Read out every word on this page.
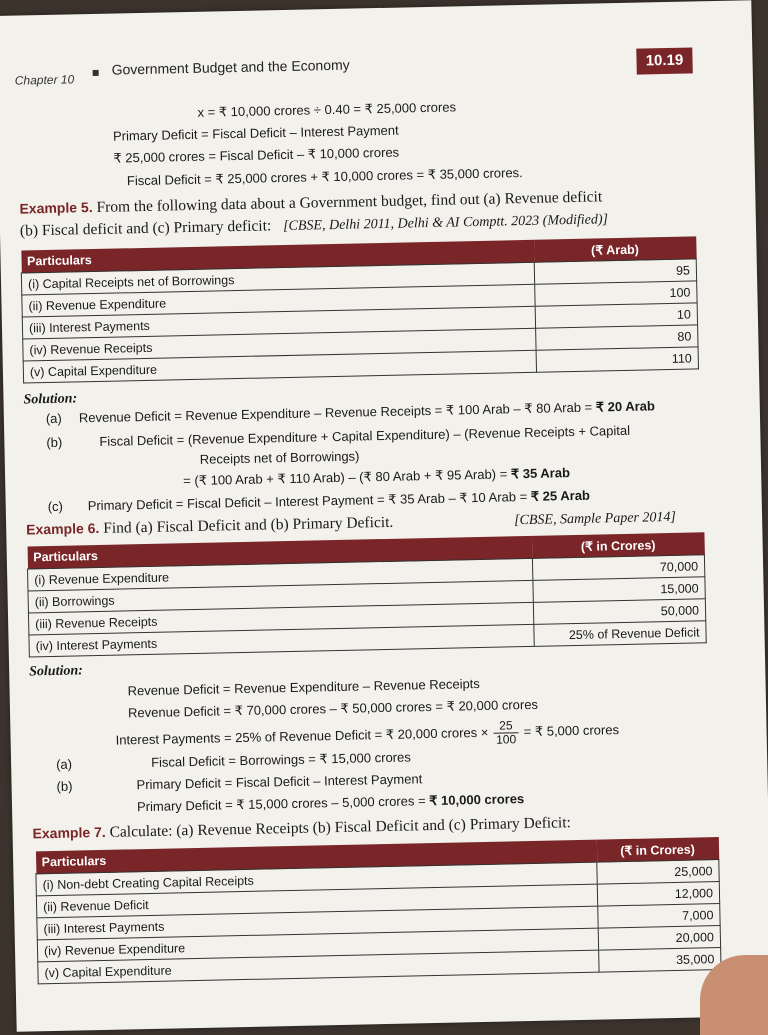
Chapter 10
Government Budget and the Economy	10.19
x = ₹ 10,000 crores ÷ 0.40 = ₹ 25,000 crores
Primary Deficit = Fiscal Deficit – Interest Payment
₹ 25,000 crores = Fiscal Deficit – ₹ 10,000 crores
Fiscal Deficit = ₹ 25,000 crores + ₹ 10,000 crores = ₹ 35,000 crores.
Example 5. From the following data about a Government budget, find out (a) Revenue deficit
(b) Fiscal deficit and (c) Primary deficit: [CBSE, Delhi 2011, Delhi & AI Comptt. 2023 (Modified)]
Particulars	(₹ Arab)
(i) Capital Receipts net of Borrowings	95
(ii) Revenue Expenditure	100
(iii) Interest Payments	10
(iv) Revenue Receipts	80
(v) Capital Expenditure	110
Solution:
(a) Revenue Deficit = Revenue Expenditure – Revenue Receipts = ₹ 100 Arab – ₹ 80 Arab = ₹ 20 Arab
(b)	Fiscal Deficit = (Revenue Expenditure + Capital Expenditure) – (Revenue Receipts + Capital
Receipts net of Borrowings)
= (₹ 100 Arab + ₹ 110 Arab) – (₹ 80 Arab + ₹ 95 Arab) = ₹ 35 Arab
(c) Primary Deficit = Fiscal Deficit – Interest Payment = ₹ 35 Arab – ₹ 10 Arab = ₹ 25 Arab
Example 6. Find (a) Fiscal Deficit and (b) Primary Deficit.	[CBSE, Sample Paper 2014]
Particulars	(₹ in Crores)
(i) Revenue Expenditure	70,000
(ii) Borrowings	15,000
(iii) Revenue Receipts	50,000
(iv) Interest Payments	25% of Revenue Deficit
Solution:
Revenue Deficit = Revenue Expenditure – Revenue Receipts
Revenue Deficit = ₹ 70,000 crores – ₹ 50,000 crores = ₹ 20,000 crores
Interest Payments = 25% of Revenue Deficit = ₹ 20,000 crores × $\frac{25}{100}$ = ₹ 5,000 crores
(a)	Fiscal Deficit = Borrowings = ₹ 15,000 crores
(b)	Primary Deficit = Fiscal Deficit – Interest Payment
Primary Deficit = ₹ 15,000 crores – 5,000 crores = ₹ 10,000 crores
Example 7. Calculate: (a) Revenue Receipts (b) Fiscal Deficit and (c) Primary Deficit:
Particulars	(₹ in Crores)
(i) Non-debt Creating Capital Receipts	25,000
(ii) Revenue Deficit	12,000
(iii) Interest Payments	7,000
(iv) Revenue Expenditure	20,000
(v) Capital Expenditure	35,000
